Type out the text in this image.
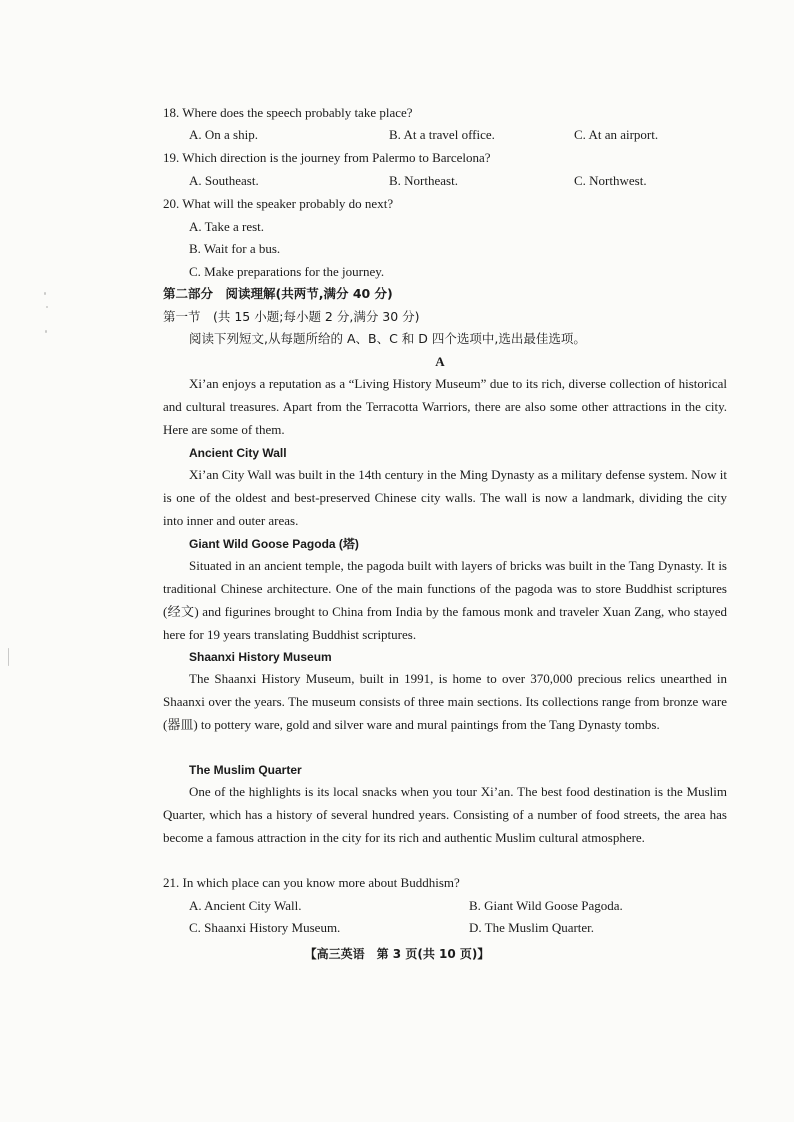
18. Where does the speech probably take place?
A. On a ship.	B. At a travel office.	C. At an airport.
19. Which direction is the journey from Palermo to Barcelona?
A. Southeast.	B. Northeast.	C. Northwest.
20. What will the speaker probably do next?
A. Take a rest.
B. Wait for a bus.
C. Make preparations for the journey.
第二部分　阅读理解(共两节,满分 40 分)
第一节　(共 15 小题;每小题 2 分,满分 30 分)
阅读下列短文,从每题所给的 A、B、C 和 D 四个选项中,选出最佳选项。
A
Xi’an enjoys a reputation as a “Living History Museum” due to its rich, diverse collection of historical and cultural treasures. Apart from the Terracotta Warriors, there are also some other attractions in the city. Here are some of them.
Ancient City Wall
Xi’an City Wall was built in the 14th century in the Ming Dynasty as a military defense system. Now it is one of the oldest and best-preserved Chinese city walls. The wall is now a landmark, dividing the city into inner and outer areas.
Giant Wild Goose Pagoda (塔)
Situated in an ancient temple, the pagoda built with layers of bricks was built in the Tang Dynasty. It is traditional Chinese architecture. One of the main functions of the pagoda was to store Buddhist scriptures (经文) and figurines brought to China from India by the famous monk and traveler Xuan Zang, who stayed here for 19 years translating Buddhist scriptures.
Shaanxi History Museum
The Shaanxi History Museum, built in 1991, is home to over 370,000 precious relics unearthed in Shaanxi over the years. The museum consists of three main sections. Its collections range from bronze ware (器皿) to pottery ware, gold and silver ware and mural paintings from the Tang Dynasty tombs.
The Muslim Quarter
One of the highlights is its local snacks when you tour Xi’an. The best food destination is the Muslim Quarter, which has a history of several hundred years. Consisting of a number of food streets, the area has become a famous attraction in the city for its rich and authentic Muslim cultural atmosphere.
21. In which place can you know more about Buddhism?
A. Ancient City Wall.	B. Giant Wild Goose Pagoda.
C. Shaanxi History Museum.	D. The Muslim Quarter.
【高三英语　第 3 页(共 10 页)】
